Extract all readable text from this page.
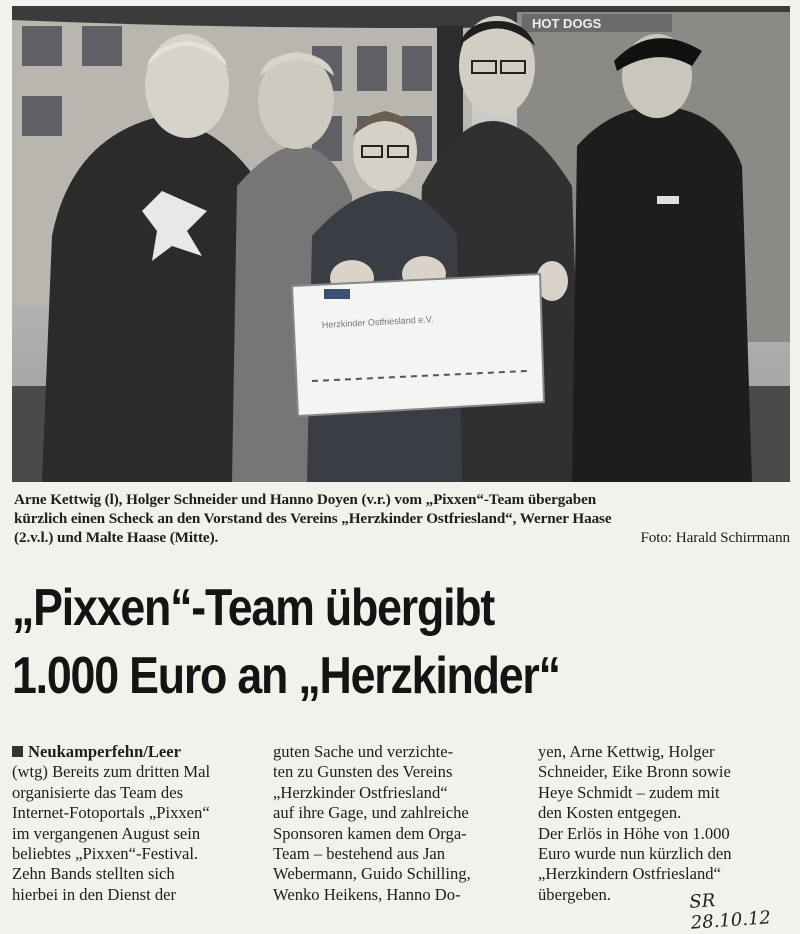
HOT DOGS
Herzkinder Ostfriesland e.V.
Arne Kettwig (l), Holger Schneider und Hanno Doyen (v.r.) vom „Pixxen“-Team übergaben
kürzlich einen Scheck an den Vorstand des Vereins „Herzkinder Ostfriesland“, Werner Haase
(2.v.l.) und Malte Haase (Mitte).	Foto: Harald Schirrmann
„Pixxen“-Team übergibt
1.000 Euro an „Herzkinder“
Neukamperfehn/Leer
(wtg) Bereits zum dritten Mal
organisierte das Team des
Internet-Fotoportals „Pixxen“
im vergangenen August sein
beliebtes „Pixxen“-Festival.
Zehn Bands stellten sich
hierbei in den Dienst der
guten Sache und verzichte-
ten zu Gunsten des Vereins
„Herzkinder Ostfriesland“
auf ihre Gage, und zahlreiche
Sponsoren kamen dem Orga-
Team – bestehend aus Jan
Webermann, Guido Schilling,
Wenko Heikens, Hanno Do-
yen, Arne Kettwig, Holger
Schneider, Eike Bronn sowie
Heye Schmidt – zudem mit
den Kosten entgegen.
Der Erlös in Höhe von 1.000
Euro wurde nun kürzlich den
„Herzkindern Ostfriesland“
übergeben.	SR 28.10.12
